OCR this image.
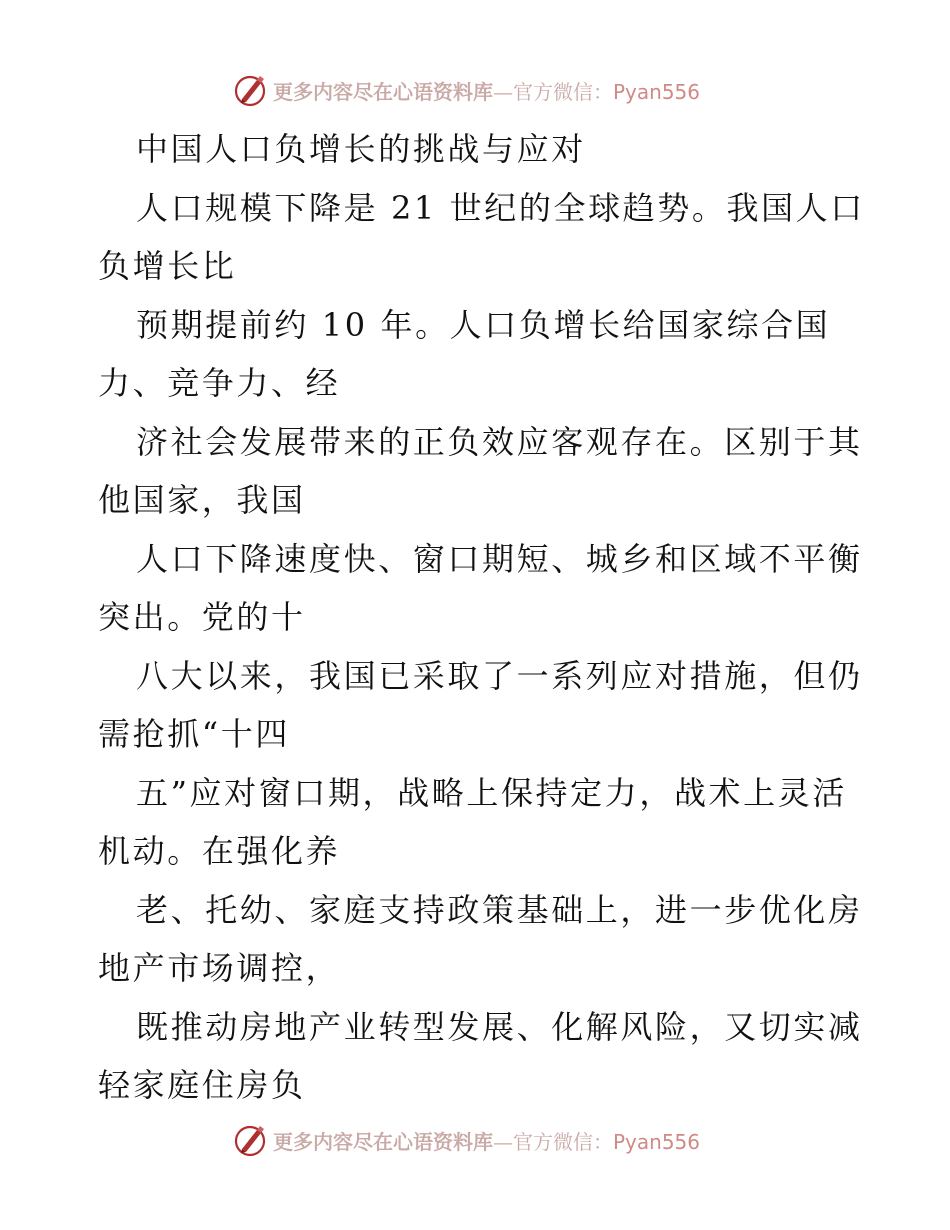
更多内容尽在心语资料库—官方微信：Pyan556
中国人口负增长的挑战与应对
人口规模下降是 21 世纪的全球趋势。我国人口
负增长比
预期提前约 10 年。人口负增长给国家综合国
力、竞争力、经
济社会发展带来的正负效应客观存在。区别于其
他国家，我国
人口下降速度快、窗口期短、城乡和区域不平衡
突出。党的十
八大以来，我国已采取了一系列应对措施，但仍
需抢抓“十四
五”应对窗口期，战略上保持定力，战术上灵活
机动。在强化养
老、托幼、家庭支持政策基础上，进一步优化房
地产市场调控，
既推动房地产业转型发展、化解风险，又切实减
轻家庭住房负
更多内容尽在心语资料库—官方微信：Pyan556
